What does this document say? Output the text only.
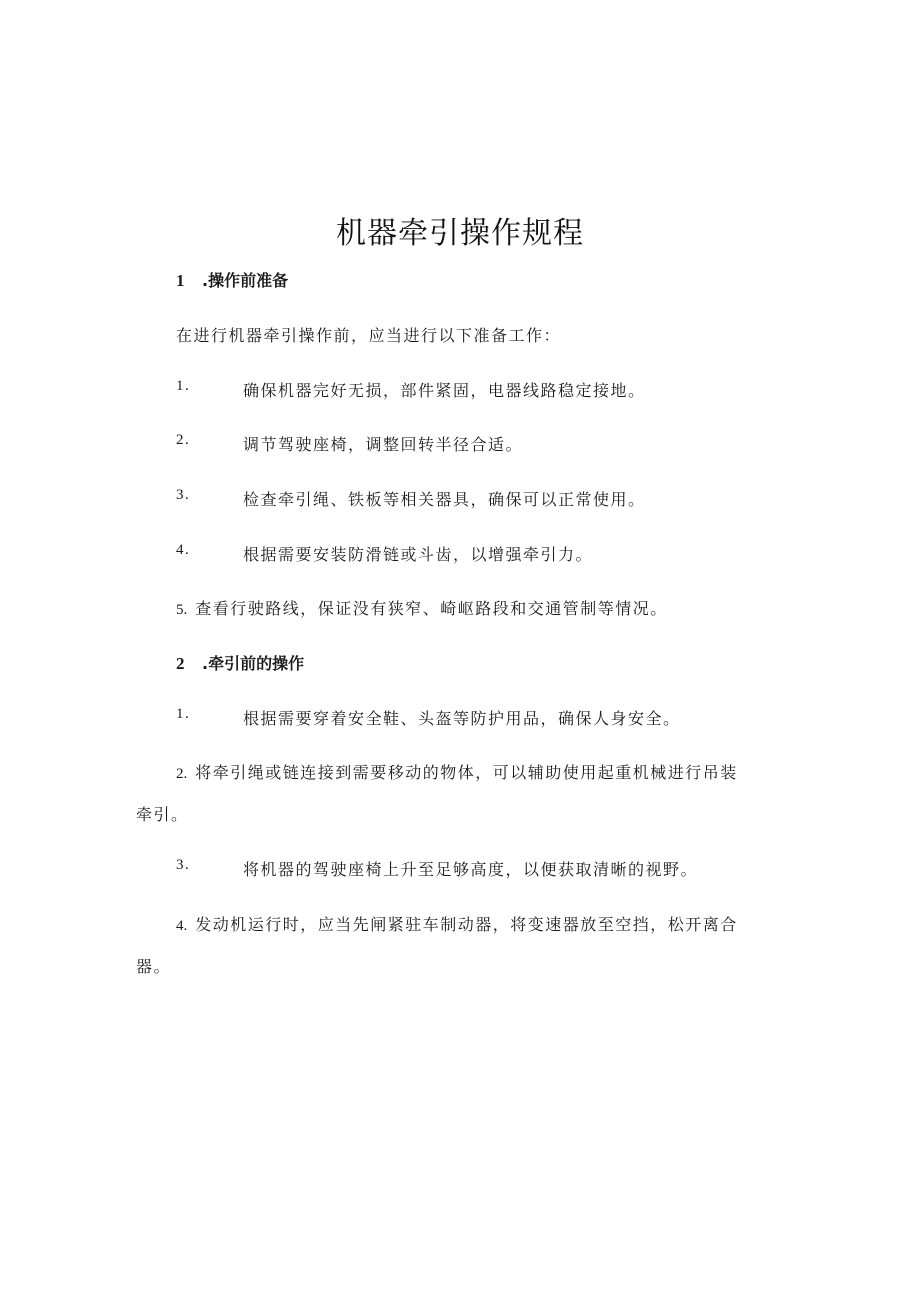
机器牵引操作规程
1 .操作前准备
在进行机器牵引操作前，应当进行以下准备工作：
1.	确保机器完好无损，部件紧固，电器线路稳定接地。
2.	调节驾驶座椅，调整回转半径合适。
3.	检查牵引绳、铁板等相关器具，确保可以正常使用。
4.	根据需要安装防滑链或斗齿，以增强牵引力。
5. 查看行驶路线，保证没有狭窄、崎岖路段和交通管制等情况。
2 .牵引前的操作
1.	根据需要穿着安全鞋、头盔等防护用品，确保人身安全。
2. 将牵引绳或链连接到需要移动的物体，可以辅助使用起重机械进行吊装
牵引。
3.	将机器的驾驶座椅上升至足够高度，以便获取清晰的视野。
4. 发动机运行时，应当先闸紧驻车制动器，将变速器放至空挡，松开离合
器。
